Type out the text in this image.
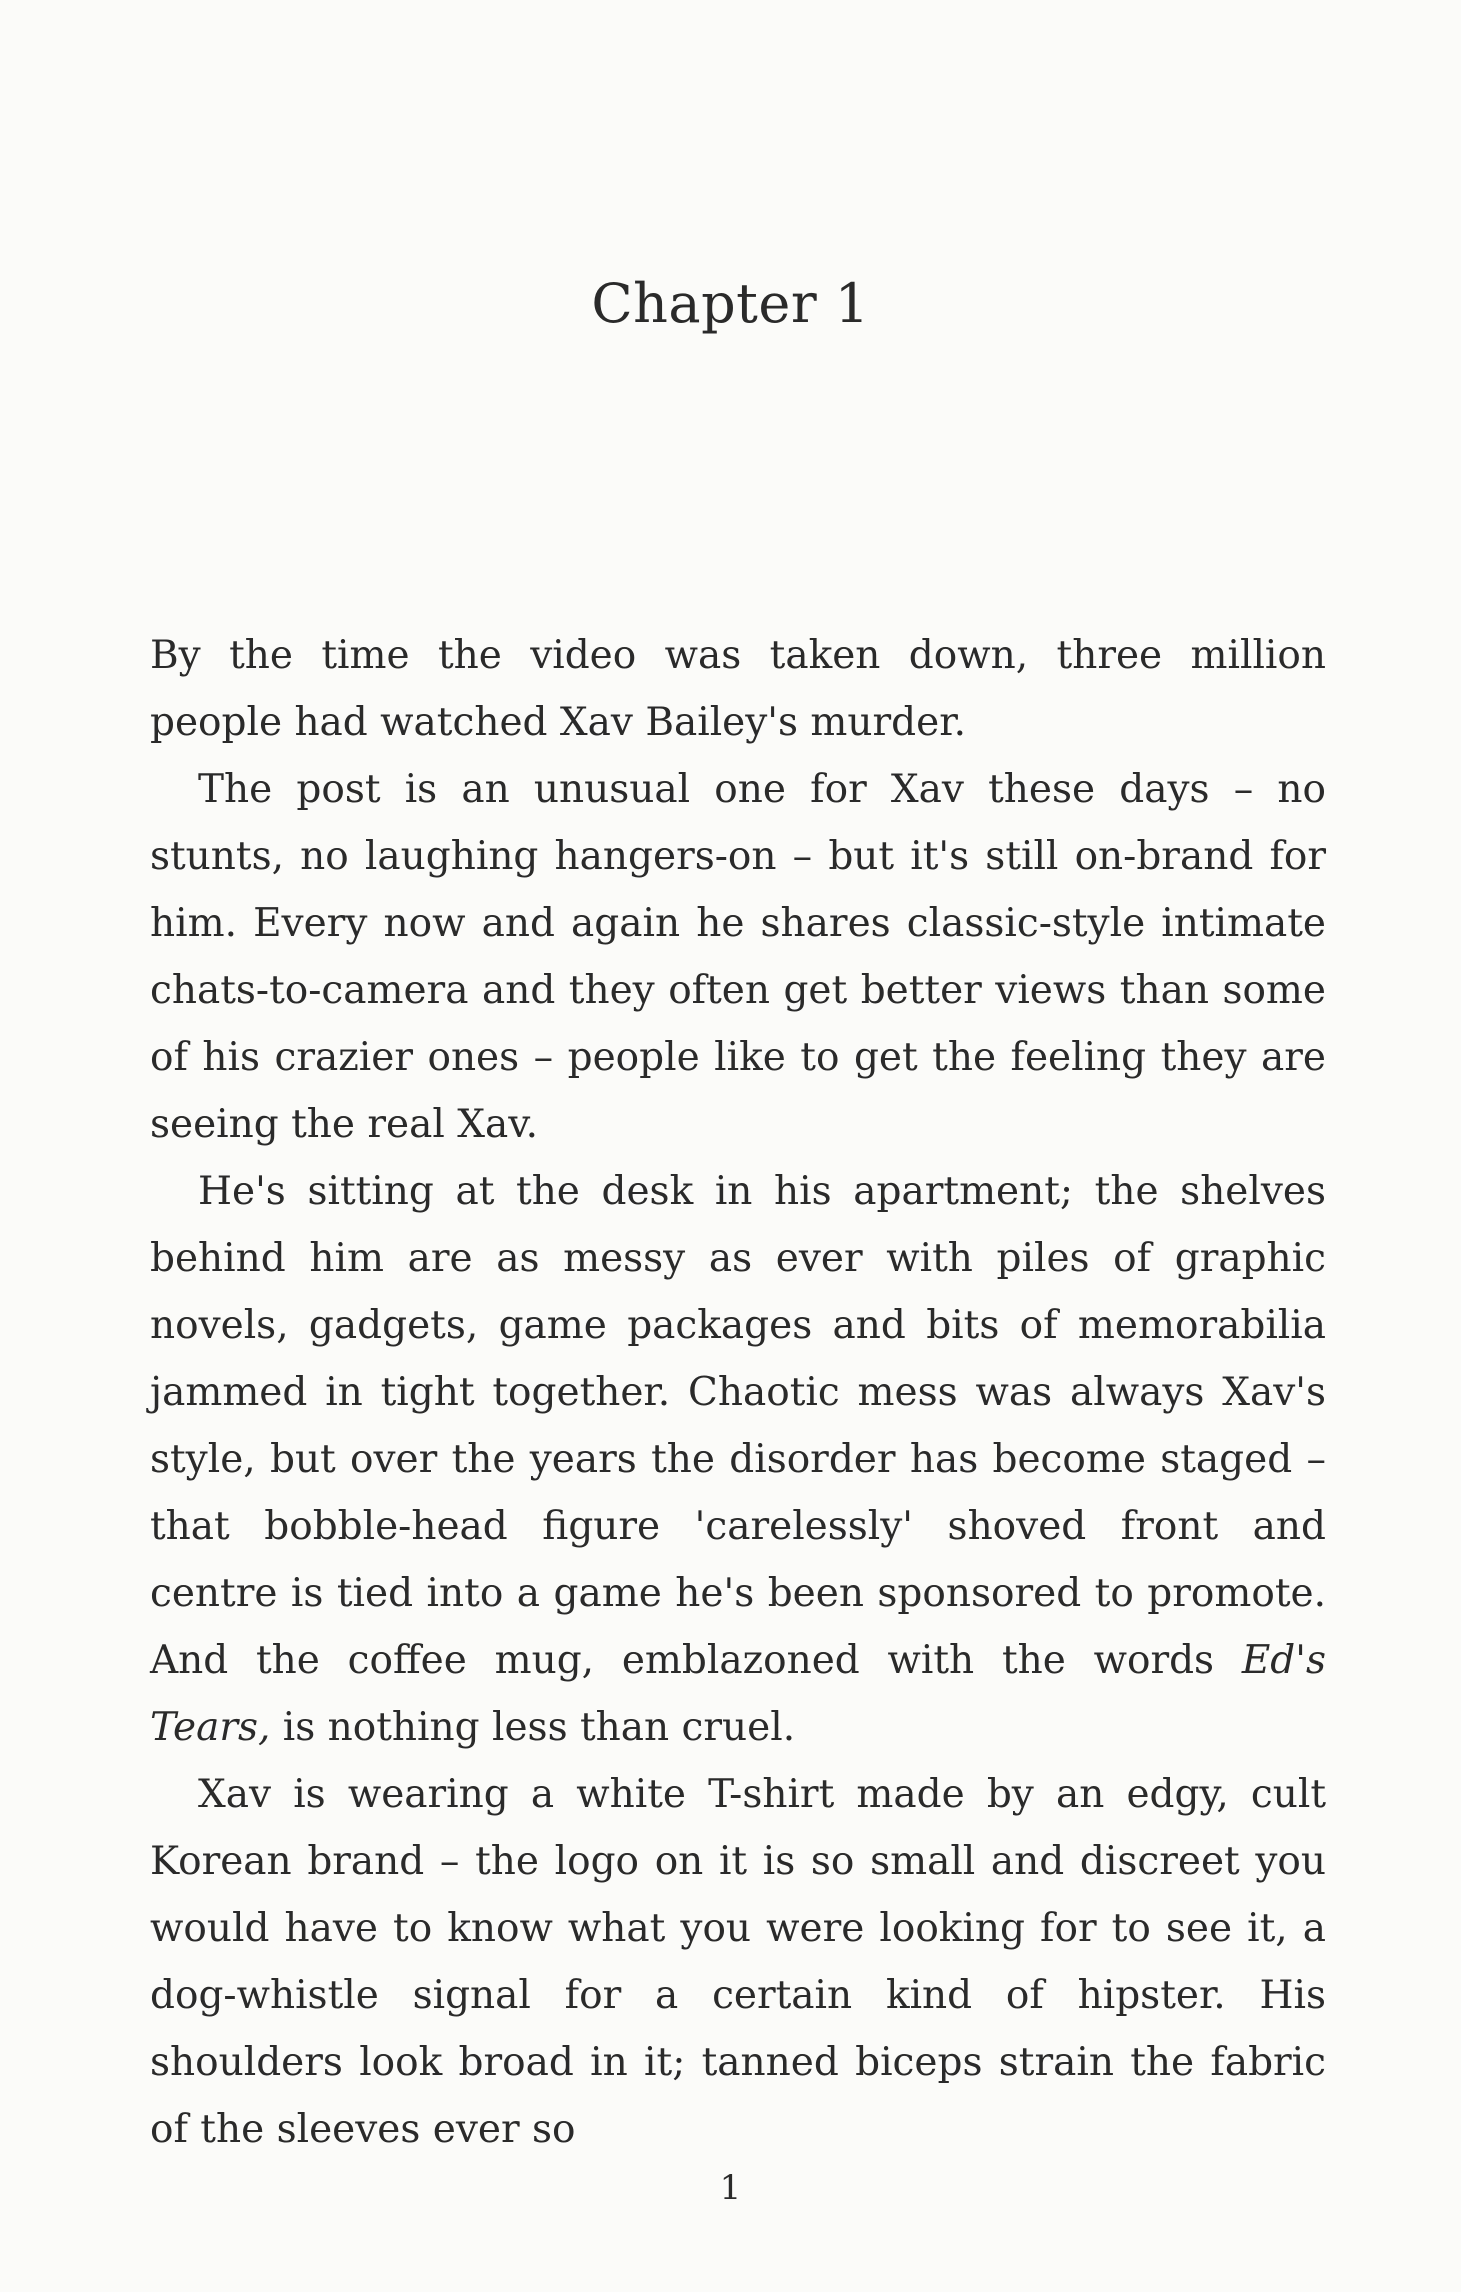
Chapter 1

By the time the video was taken down, three million people had watched Xav Bailey's murder.

The post is an unusual one for Xav these days – no stunts, no laughing hangers-on – but it's still on-brand for him. Every now and again he shares classic-style intimate chats-to-camera and they often get better views than some of his crazier ones – people like to get the feeling they are seeing the real Xav.

He's sitting at the desk in his apartment; the shelves behind him are as messy as ever with piles of graphic novels, gadgets, game packages and bits of memorabilia jammed in tight together. Chaotic mess was always Xav's style, but over the years the disorder has become staged – that bobble-head figure 'carelessly' shoved front and centre is tied into a game he's been sponsored to promote. And the coffee mug, emblazoned with the words Ed's Tears, is nothing less than cruel.

Xav is wearing a white T-shirt made by an edgy, cult Korean brand – the logo on it is so small and discreet you would have to know what you were looking for to see it, a dog-whistle signal for a certain kind of hipster. His shoulders look broad in it; tanned biceps strain the fabric of the sleeves ever so

1
